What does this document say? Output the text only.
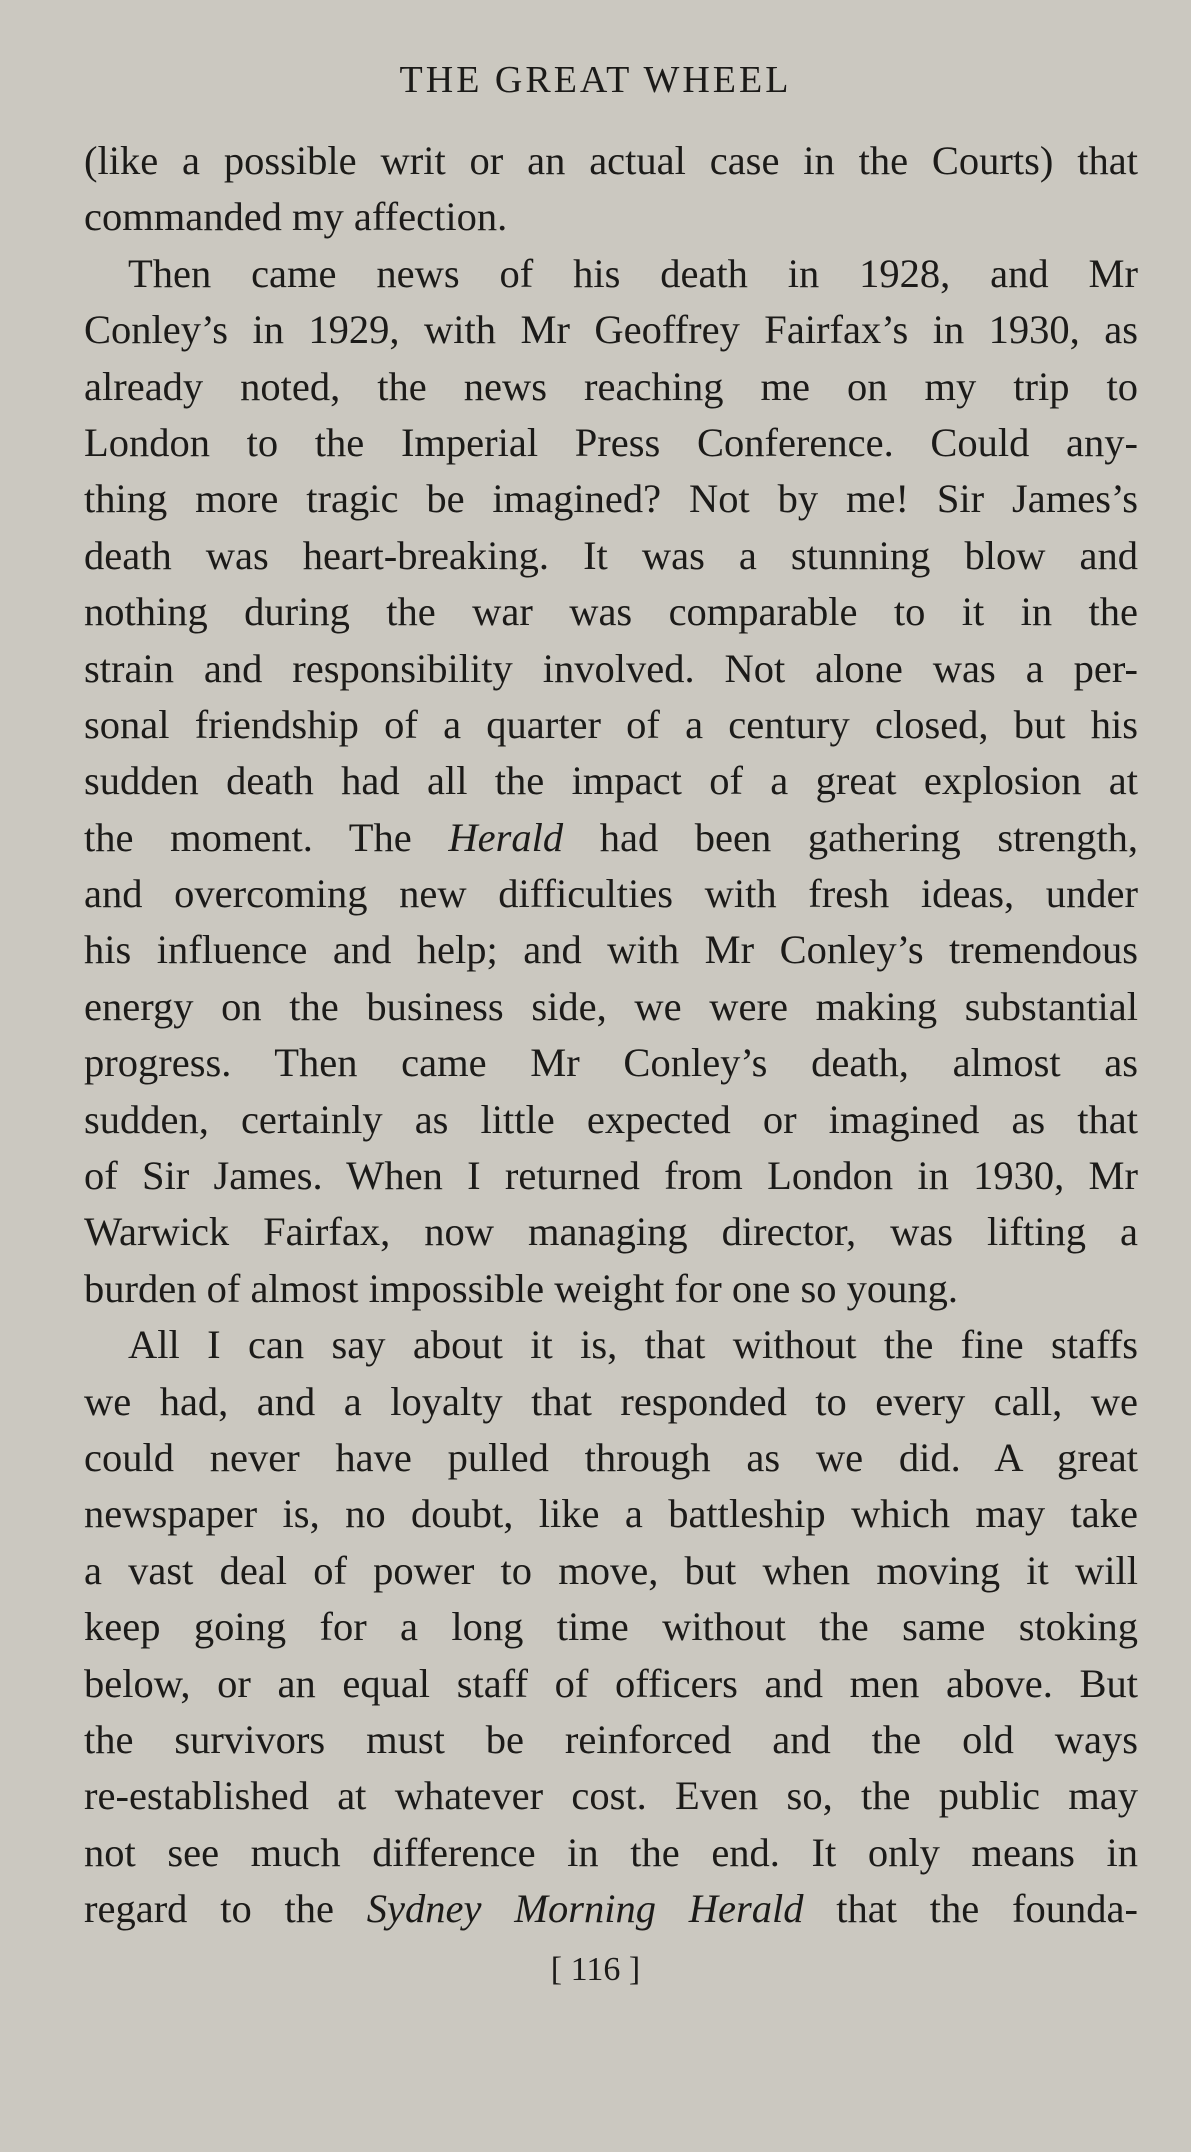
THE GREAT WHEEL
(like a possible writ or an actual case in the Courts) that
commanded my affection.
Then came news of his death in 1928, and Mr
Conley’s in 1929, with Mr Geoffrey Fairfax’s in 1930, as
already noted, the news reaching me on my trip to
London to the Imperial Press Conference. Could any-
thing more tragic be imagined? Not by me! Sir James’s
death was heart-breaking. It was a stunning blow and
nothing during the war was comparable to it in the
strain and responsibility involved. Not alone was a per-
sonal friendship of a quarter of a century closed, but his
sudden death had all the impact of a great explosion at
the moment. The Herald had been gathering strength,
and overcoming new difficulties with fresh ideas, under
his influence and help; and with Mr Conley’s tremendous
energy on the business side, we were making substantial
progress. Then came Mr Conley’s death, almost as
sudden, certainly as little expected or imagined as that
of Sir James. When I returned from London in 1930, Mr
Warwick Fairfax, now managing director, was lifting a
burden of almost impossible weight for one so young.
All I can say about it is, that without the fine staffs
we had, and a loyalty that responded to every call, we
could never have pulled through as we did. A great
newspaper is, no doubt, like a battleship which may take
a vast deal of power to move, but when moving it will
keep going for a long time without the same stoking
below, or an equal staff of officers and men above. But
the survivors must be reinforced and the old ways
re-established at whatever cost. Even so, the public may
not see much difference in the end. It only means in
regard to the Sydney Morning Herald that the founda-
[ 116 ]
